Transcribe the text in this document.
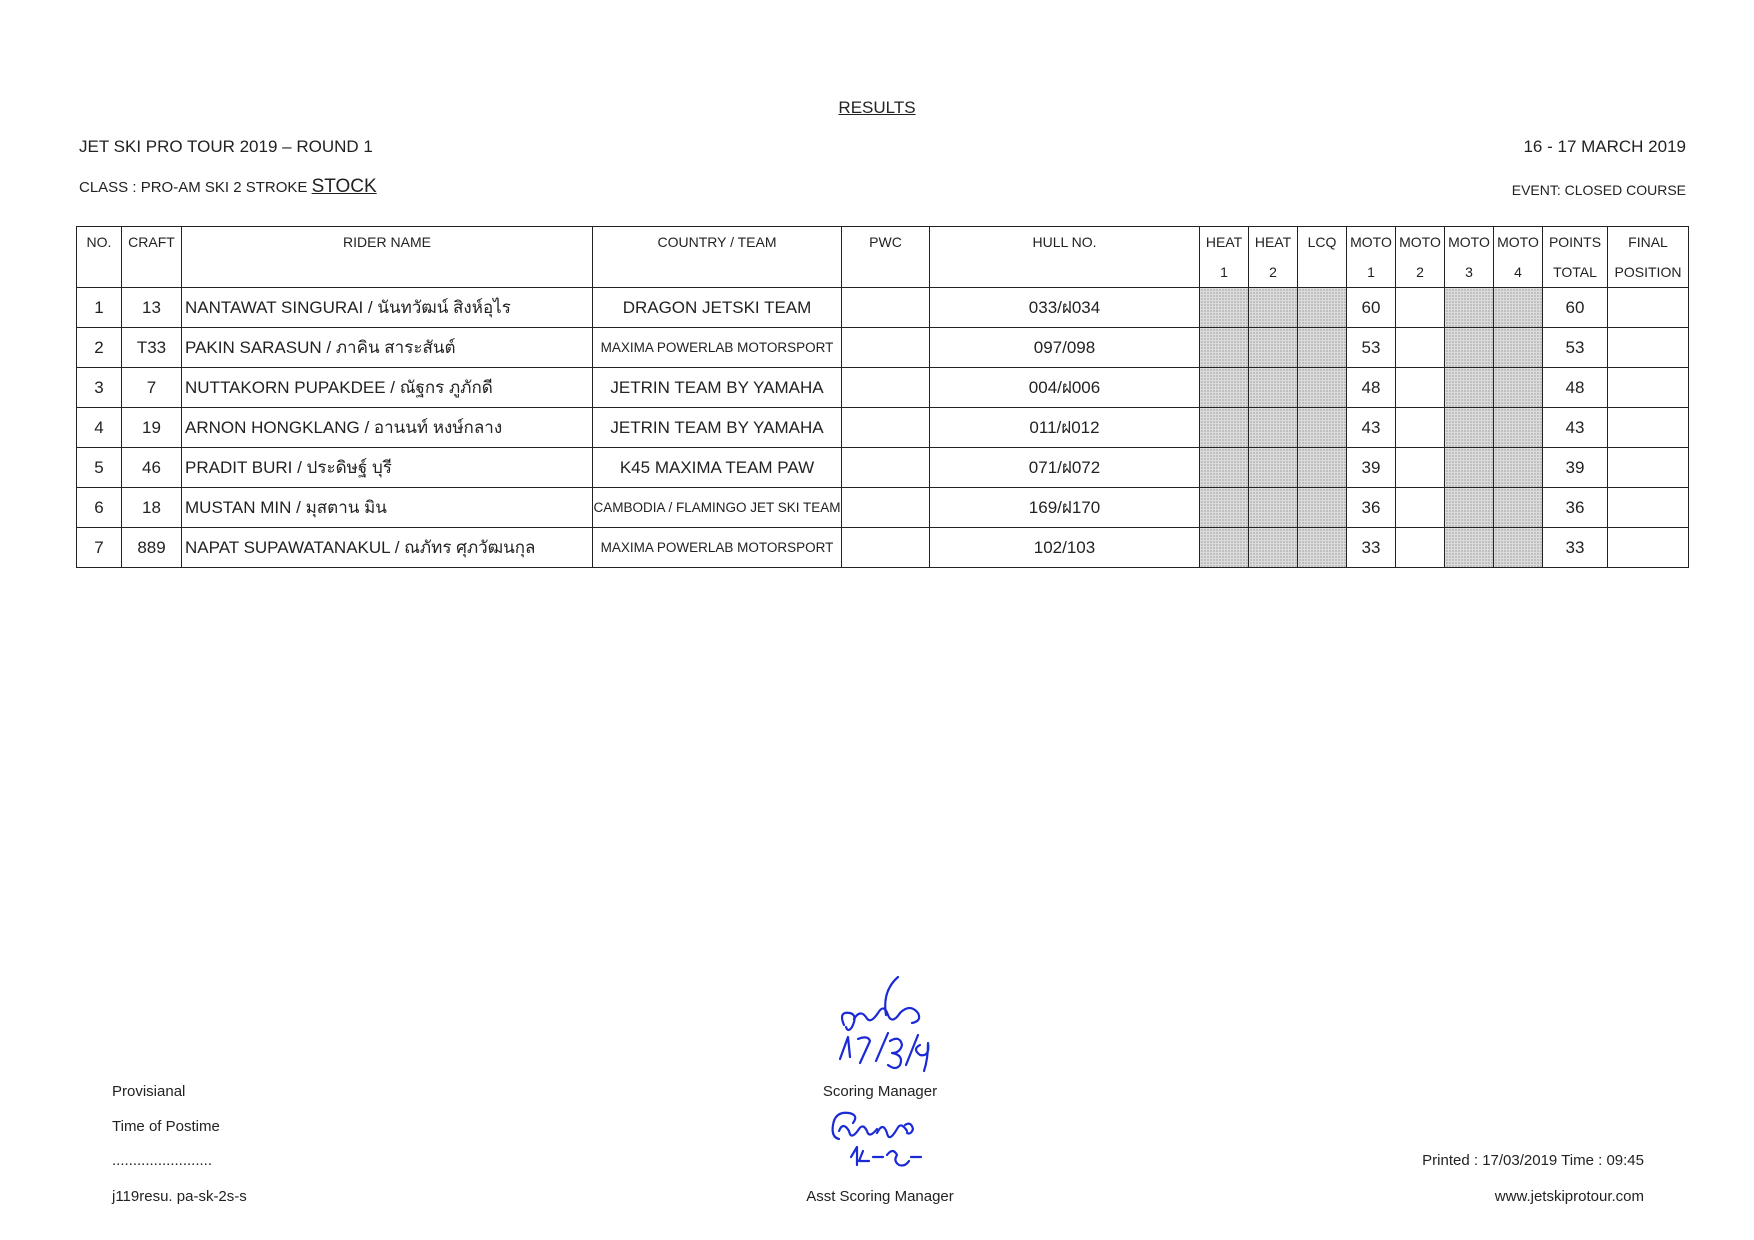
RESULTS
JET SKI PRO TOUR 2019 – ROUND 1	16 - 17 MARCH 2019
CLASS : PRO-AM SKI 2 STROKE STOCK	EVENT: CLOSED COURSE
NO.	CRAFT	RIDER NAME	COUNTRY / TEAM	PWC	HULL NO.	HEAT	HEAT	LCQ	MOTO	MOTO	MOTO	MOTO	POINTS	FINAL
						1	2		1	2	3	4	TOTAL	POSITION
1	13	NANTAWAT SINGURAI / นันทวัฒน์ สิงห์อุไร	DRAGON JETSKI TEAM		033/ฝ034				60				60	
2	T33	PAKIN SARASUN / ภาคิน สาระสันต์	MAXIMA POWERLAB MOTORSPORT		097/098				53				53	
3	7	NUTTAKORN PUPAKDEE / ณัฐกร ภูภักดี	JETRIN TEAM BY YAMAHA		004/ฝ006				48				48	
4	19	ARNON HONGKLANG / อานนท์ หงษ์กลาง	JETRIN TEAM BY YAMAHA		011/ฝ012				43				43	
5	46	PRADIT BURI / ประดิษฐ์ บุรี	K45 MAXIMA TEAM PAW		071/ฝ072				39				39	
6	18	MUSTAN MIN / มุสตาน มิน	CAMBODIA / FLAMINGO JET SKI TEAM		169/ฝ170				36				36	
7	889	NAPAT SUPAWATANAKUL / ณภัทร ศุภวัฒนกุล	MAXIMA POWERLAB MOTORSPORT		102/103				33				33	
Provisianal
Time of Postime
........................
j119resu. pa-sk-2s-s
Scoring Manager
Asst Scoring Manager
Printed : 17/03/2019 Time : 09:45
www.jetskiprotour.com
